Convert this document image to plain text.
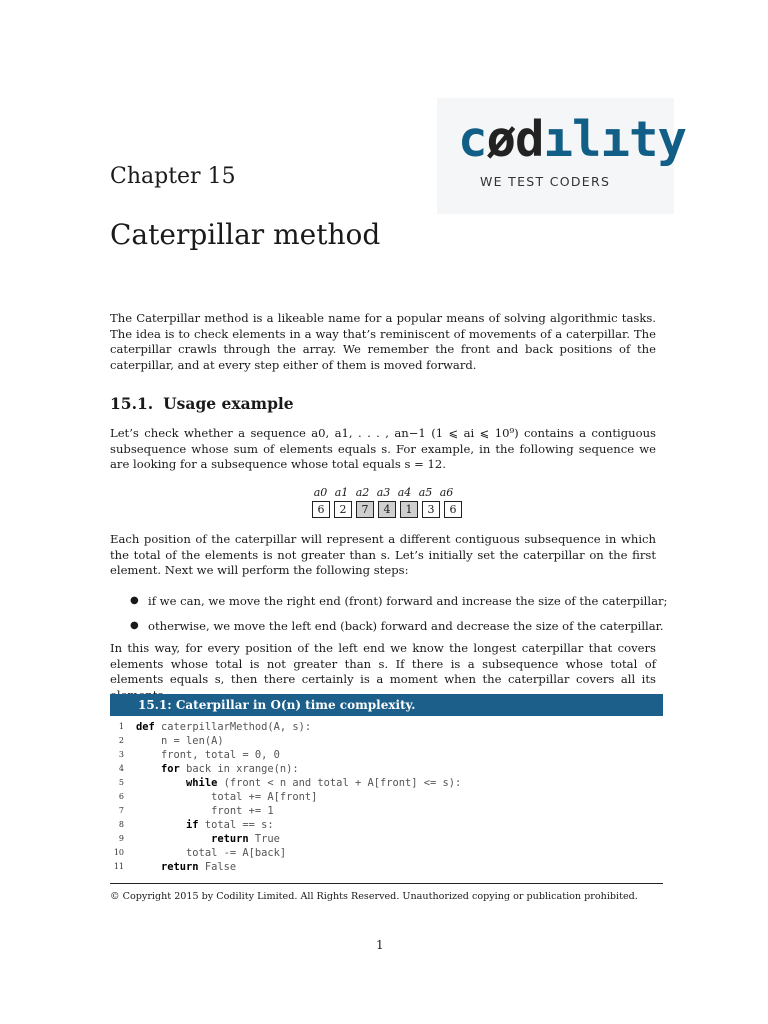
cødılıty
WE TEST CODERS
Chapter 15
Caterpillar method
The Caterpillar method is a likeable name for a popular means of solving algorithmic tasks. The idea is to check elements in a way that’s reminiscent of movements of a caterpillar. The caterpillar crawls through the array. We remember the front and back positions of the caterpillar, and at every step either of them is moved forward.
15.1. Usage example
Let’s check whether a sequence a0, a1, . . . , an−1 (1 ⩽ ai ⩽ 10⁹) contains a contiguous subsequence whose sum of elements equals s. For example, in the following sequence we are looking for a subsequence whose total equals s = 12.
a0 a1 a2 a3 a4 a5 a6
6	2	7	4	1	3	6
Each position of the caterpillar will represent a different contiguous subsequence in which the total of the elements is not greater than s. Let’s initially set the caterpillar on the first element. Next we will perform the following steps:
● if we can, we move the right end (front) forward and increase the size of the caterpillar;
● otherwise, we move the left end (back) forward and decrease the size of the caterpillar.
In this way, for every position of the left end we know the longest caterpillar that covers elements whose total is not greater than s. If there is a subsequence whose total of elements equals s, then there certainly is a moment when the caterpillar covers all its
15.1: Caterpillar in O(n) time complexity.
1 def caterpillarMethod(A, s):
2	n = len(A)
3	front, total = 0, 0
4	for back in xrange(n):
5	while (front < n and total + A[front] <= s):
6	total += A[front]
7	front += 1
8	if total == s:
9	return True
10	total -= A[back]
11	return False
© Copyright 2015 by Codility Limited. All Rights Reserved. Unauthorized copying or publication prohibited.
1
